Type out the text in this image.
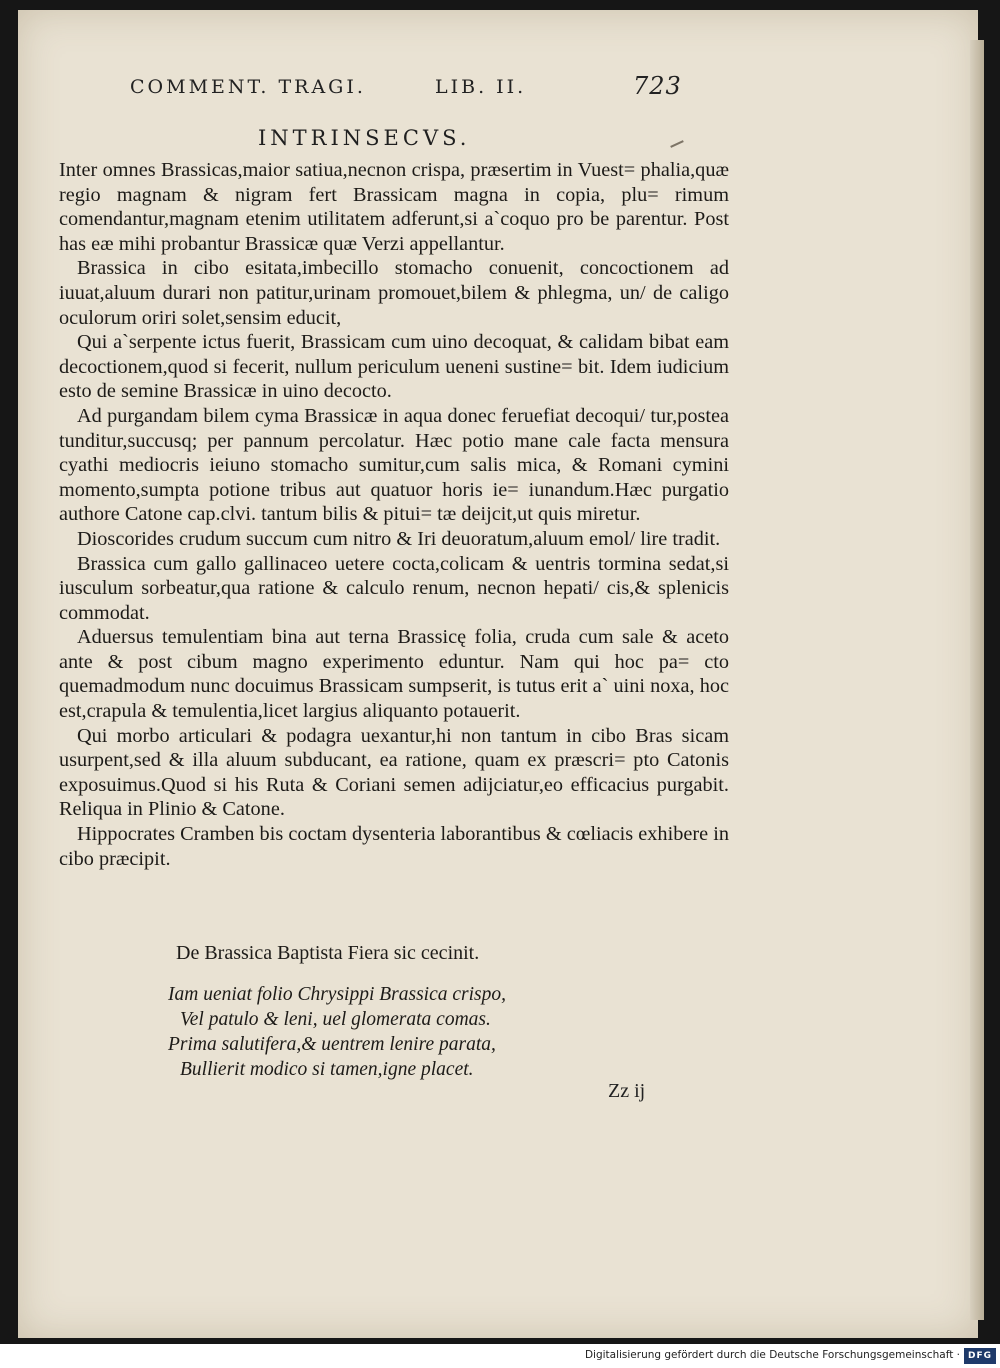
COMMENT. TRAGI.	LIB. II.	723
INTRINSECVS.

Inter omnes Brassicas,maior satiua,necnon crispa, præsertim in Vuest= phalia,quæ regio magnam & nigram fert Brassicam magna in copia, plu= rimum comendantur,magnam etenim utilitatem adferunt,si a`coquo pro be parentur. Post has eæ mihi probantur Brassicæ quæ Verzi appellantur.

Brassica in cibo esitata,imbecillo stomacho conuenit, concoctionem ad iuuat,aluum durari non patitur,urinam promouet,bilem & phlegma, un/ de caligo oculorum oriri solet,sensim educit,

Qui a`serpente ictus fuerit, Brassicam cum uino decoquat, & calidam bibat eam decoctionem,quod si fecerit, nullum periculum ueneni sustine= bit. Idem iudicium esto de semine Brassicæ in uino decocto.

Ad purgandam bilem cyma Brassicæ in aqua donec feruefiat decoqui/ tur,postea tunditur,succusq; per pannum percolatur. Hæc potio mane cale facta mensura cyathi mediocris ieiuno stomacho sumitur,cum salis mica, & Romani cymini momento,sumpta potione tribus aut quatuor horis ie= iunandum.Hæc purgatio authore Catone cap.clvi. tantum bilis & pitui= tæ deijcit,ut quis miretur.

Dioscorides crudum succum cum nitro & Iri deuoratum,aluum emol/ lire tradit.

Brassica cum gallo gallinaceo uetere cocta,colicam & uentris tormina sedat,si iusculum sorbeatur,qua ratione & calculo renum, necnon hepati/ cis,& splenicis commodat.

Aduersus temulentiam bina aut terna Brassicę folia, cruda cum sale & aceto ante & post cibum magno experimento eduntur. Nam qui hoc pa= cto quemadmodum nunc docuimus Brassicam sumpserit, is tutus erit a` uini noxa, hoc est,crapula & temulentia,licet largius aliquanto potauerit.

Qui morbo articulari & podagra uexantur,hi non tantum in cibo Bras sicam usurpent,sed & illa aluum subducant, ea ratione, quam ex præscri= pto Catonis exposuimus.Quod si his Ruta & Coriani semen adijciatur,eo efficacius purgabit. Reliqua in Plinio & Catone.

Hippocrates Cramben bis coctam dysenteria laborantibus & cœliacis exhibere in cibo præcipit.

De Brassica Baptista Fiera sic cecinit.
Iam ueniat folio Chrysippi Brassica crispo,
Vel patulo & leni, uel glomerata comas.
Prima salutifera,& uentrem lenire parata,
Bullierit modico si tamen,igne placet.
Zz ij
Digitalisierung gefördert durch die Deutsche Forschungsgemeinschaft · DFG
